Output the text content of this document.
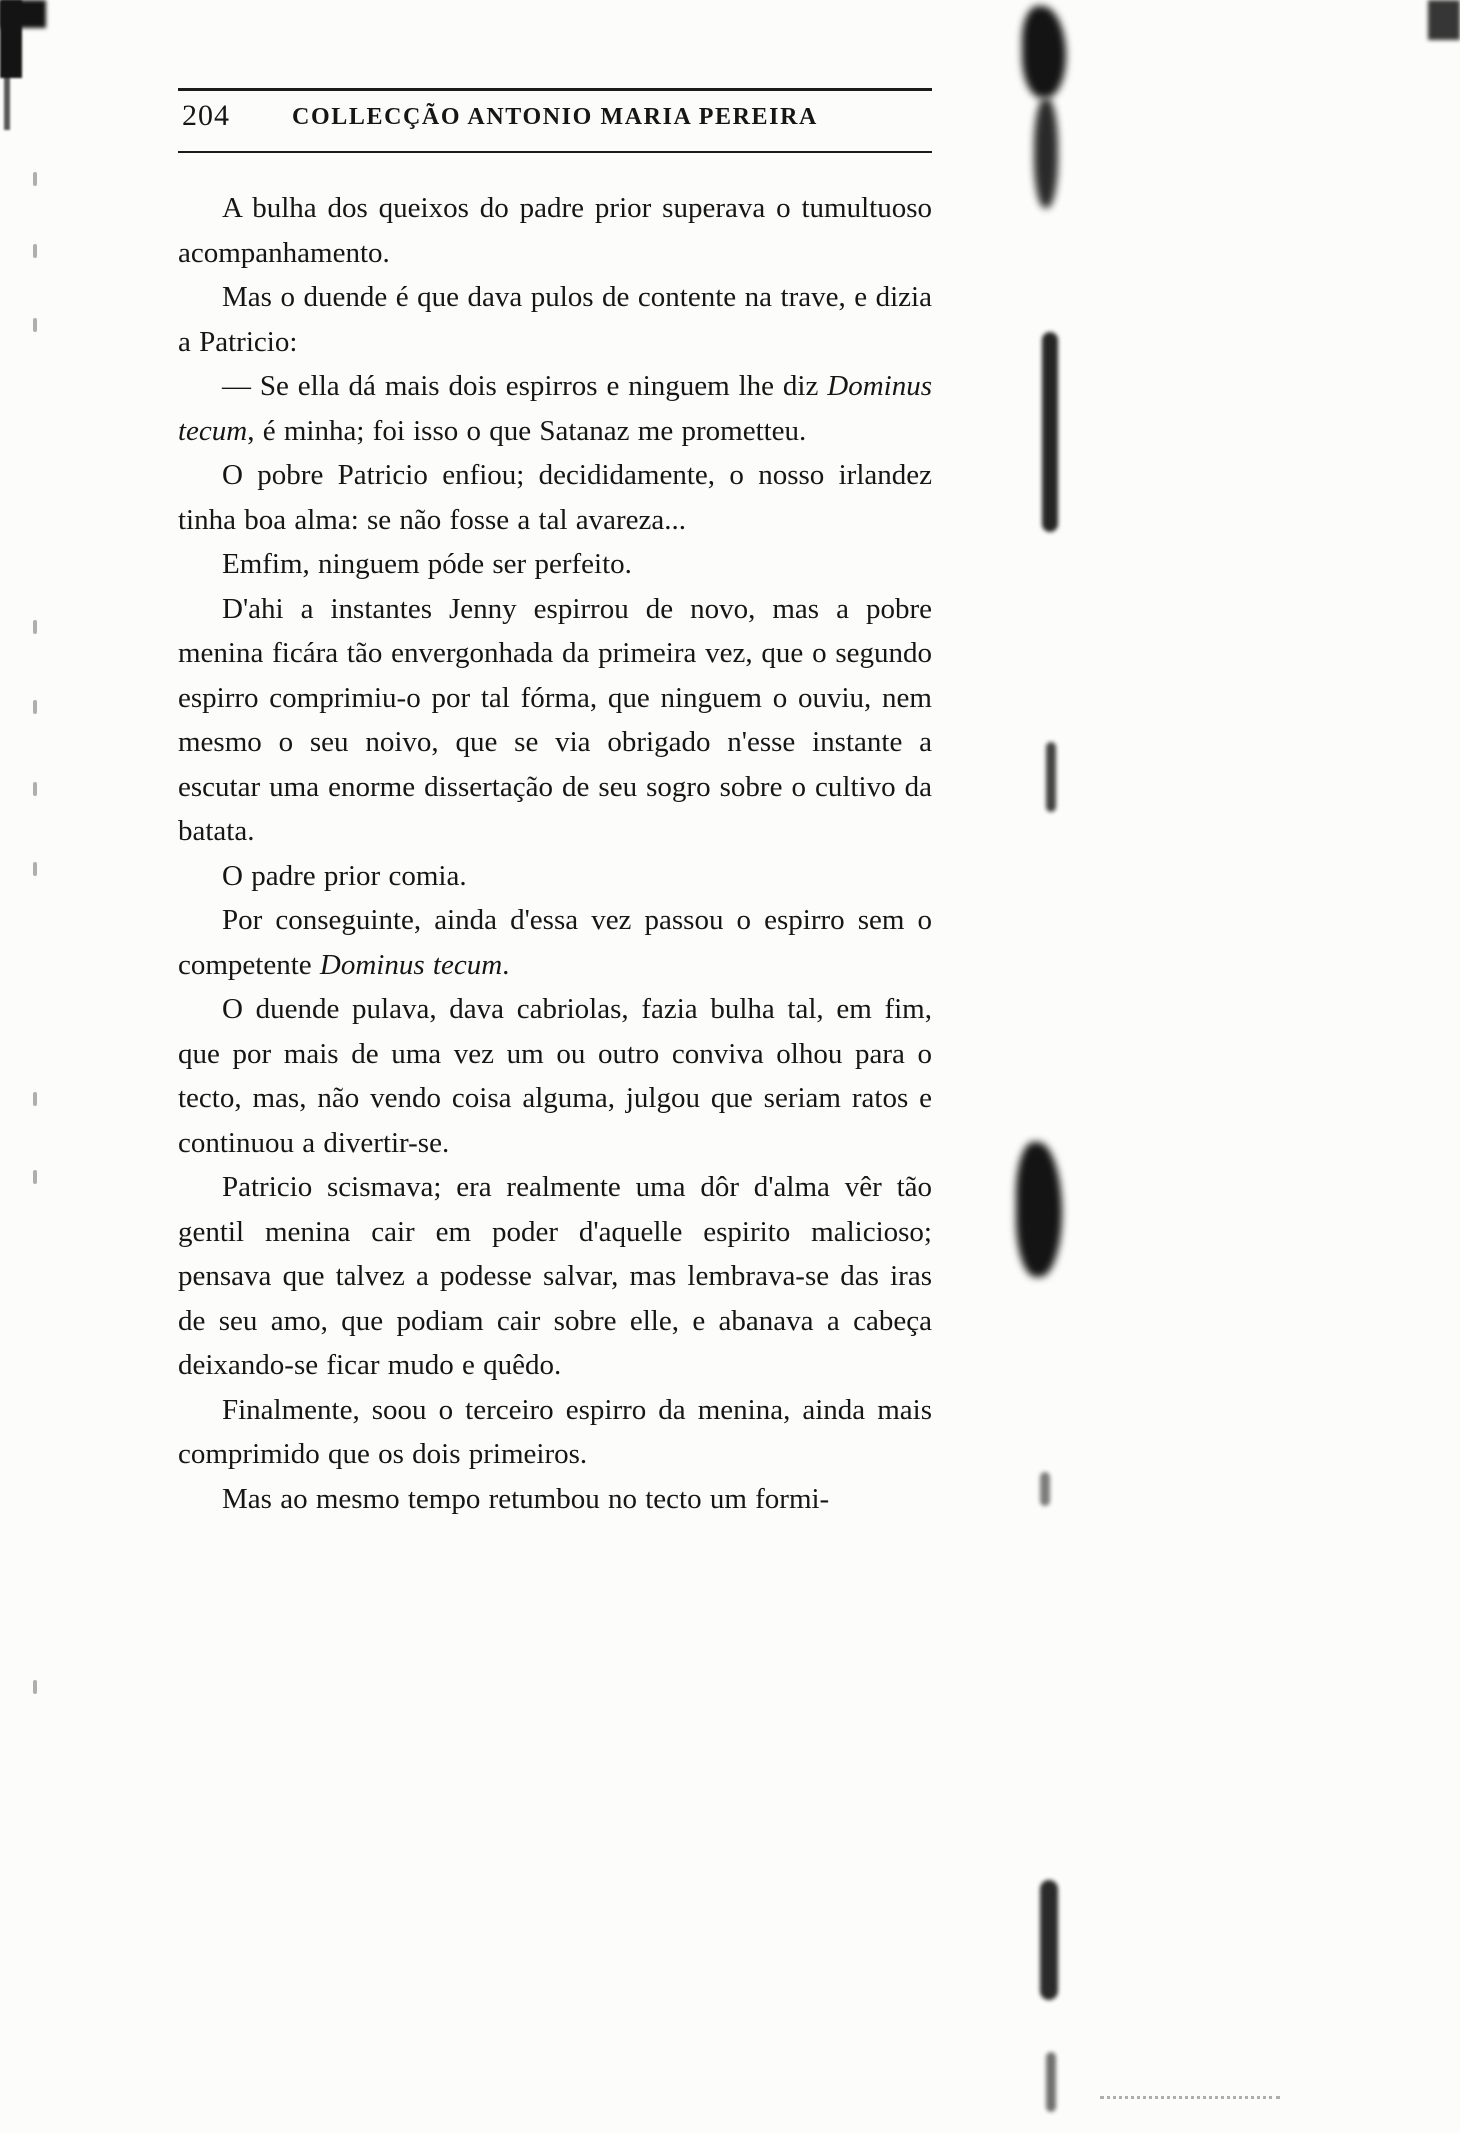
204	COLLECÇÃO ANTONIO MARIA PEREIRA

A bulha dos queixos do padre prior superava o tumultuoso acompanhamento.

Mas o duende é que dava pulos de contente na trave, e dizia a Patricio:

— Se ella dá mais dois espirros e ninguem lhe diz Dominus tecum, é minha; foi isso o que Satanaz me prometteu.

O pobre Patricio enfiou; decididamente, o nosso irlandez tinha boa alma: se não fosse a tal avareza...

Emfim, ninguem póde ser perfeito.

D'ahi a instantes Jenny espirrou de novo, mas a pobre menina ficára tão envergonhada da primeira vez, que o segundo espirro comprimiu-o por tal fórma, que ninguem o ouviu, nem mesmo o seu noivo, que se via obrigado n'esse instante a escutar uma enorme dissertação de seu sogro sobre o cultivo da batata.

O padre prior comia.

Por conseguinte, ainda d'essa vez passou o espirro sem o competente Dominus tecum.

O duende pulava, dava cabriolas, fazia bulha tal, em fim, que por mais de uma vez um ou outro conviva olhou para o tecto, mas, não vendo coisa alguma, julgou que seriam ratos e continuou a divertir-se.

Patricio scismava; era realmente uma dôr d'alma vêr tão gentil menina cair em poder d'aquelle espirito malicioso; pensava que talvez a podesse salvar, mas lembrava-se das iras de seu amo, que podiam cair sobre elle, e abanava a cabeça deixando-se ficar mudo e quêdo.

Finalmente, soou o terceiro espirro da menina, ainda mais comprimido que os dois primeiros.

Mas ao mesmo tempo retumbou no tecto um formi-
